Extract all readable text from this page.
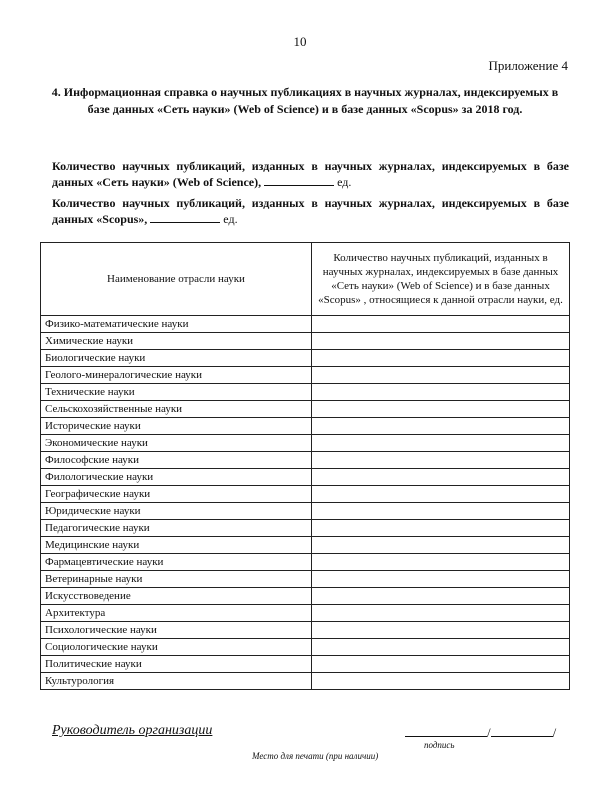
10
Приложение 4
4. Информационная справка о научных публикациях в научных журналах, индексируемых в базе данных «Сеть науки» (Web of Science) и в базе данных «Scopus» за 2018 год.
Количество научных публикаций, изданных в научных журналах, индексируемых в базе данных «Сеть науки» (Web of Science),	ед.
Количество научных публикаций, изданных в научных журналах, индексируемых в базе данных «Scopus»,	ед.
Наименование отрасли науки	Количество научных публикаций, изданных в научных журналах, индексируемых в базе данных «Сеть науки» (Web of Science) и в базе данных «Scopus» , относящиеся к данной отрасли науки, ед.
Физико-математические науки	
Химические науки	
Биологические науки	
Геолого-минералогические науки	
Технические науки	
Сельскохозяйственные науки	
Исторические науки	
Экономические науки	
Философские науки	
Филологические науки	
Географические науки	
Юридические науки	
Педагогические науки	
Медицинские науки	
Фармацевтические науки	
Ветеринарные науки	
Искусствоведение	
Архитектура	
Психологические науки	
Социологические науки	
Политические науки	
Культурология	
Руководитель организации	/	/
подпись
Место для печати (при наличии)
